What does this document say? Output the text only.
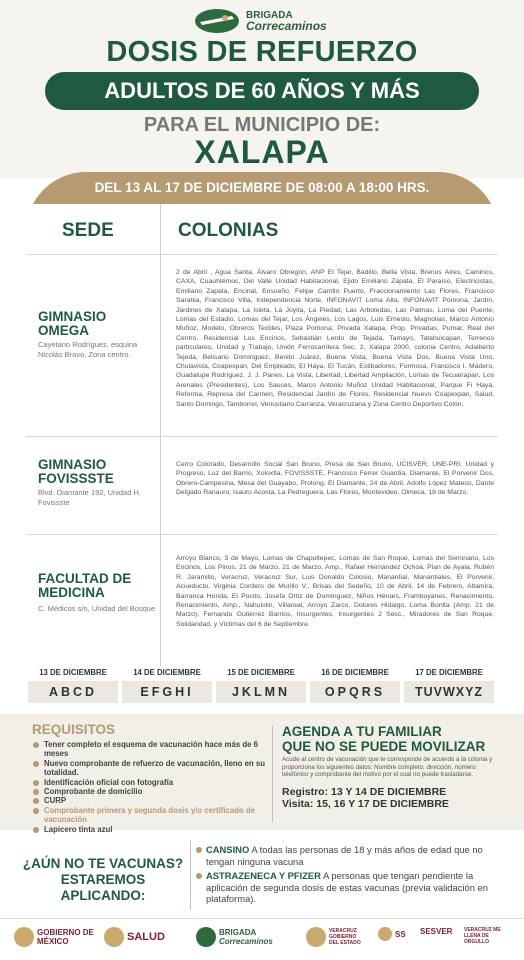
BRIGADA
Correcaminos
DOSIS DE REFUERZO
ADULTOS DE 60 AÑOS Y MÁS
PARA EL MUNICIPIO DE:
XALAPA
DEL 13 AL 17 DE DICIEMBRE DE 08:00 A 18:00 HRS.
SEDE	COLONIAS
GIMNASIO OMEGA
Cayetano Rodríguez, esquina Nicolás Bravo, Zona centro.
2 de Abril , Agua Santa, Álvaro Obregón, ANP El Tejar, Badillo, Bella Vista, Brenos Aires, Caminos, CAXA, Cuauhtémoc, Del Valle Unidad Habitacional, Ejido Emiliano Zapata, El Paraíso, Electricistas, Emiliano Zapata, Encinal, Ensueño, Felipe Carrillo Puerto, Fraccionamiento Las Flores, Francisco Sarabia, Francisco Villa, Independencia Norte, INFONAVIT Loma Alta, INFONAVIT Pomona, Jardín, Jardines de Xalapa, La Isleta, La Joyita, La Piedad, Las Arboledas, Las Palmas, Loma del Puente, Lomas del Estadio, Lomas del Tejar, Los Ángeles, Los Lagos, Luis Ernesto, Magnolias, Marco Antonio Muñoz, Modelo, Obreros Textiles, Plaza Pomona, Privada Xalapa, Prop. Privadas, Pumar, Real del Centro, Residencial Los Encinos, Sebastián Lerdo de Tejada, Tamayo, Tatahuicapan, Terrenos particulares, Unidad y Trabajo, Unión Ferrocarrilera Sec. 2, Xalapa 2000, colonia Centro, Adalberto Tejeda, Belisario Domínguez, Benito Juárez, Buena Vista, Buena Vista Dos, Buena Vista Uno, Chulavista, Coapexpan, Del Empleado, El Haya, El Tucán, Estibadores, Formosa, Francisco I. Madero, Guadalupe Rodríguez, J. J. Panes, La Vista, Libertad, Libertad Ampliación, Lomas de Tecuanapan, Los Arenales (Presidentes), Los Sauces, Marco Antonio Muñoz Unidad Habitacional, Parque Fi Haya, Reforma, Represa del Carmen, Residencial Jardín de Flores, Residencial Nuevo Coapexpan, Salud, Santo Domingo, Tamborrel, Venustiano Carranza, Veracruzana y Zona Centro Deportivo Colón.
GIMNASIO FOVISSSTE
Blvd. Diamante 192, Unidad H. Fovissste
Cerro Colorado, Desarrollo Social San Bruno, Presa de San Bruno, UCISVER, UNE-PRI, Unidad y Progreso, Luz del Barrio, Xoloxtla, FOVISSSTE, Francisco Ferrer Guardia, Diamante, El Porvenir Dos, Obrero-Campesina, Mesa del Guayabo, Prolong. El Diamante, 24 de Abril, Adolfo López Mateos, Dante Delgado Ranauro, Isauro Acosta, La Pedreguera, Las Flores, Montevideo, Olmeca, 18 de Marzo.
FACULTAD DE MEDICINA
C. Médicos s/n, Unidad del Bosque
Arroyo Blanco, 3 de Mayo, Lomas de Chapultepec, Lomas de San Roque, Lomas del Seminario, Los Encinos, Los Pinos, 21 de Marzo, 21 de Marzo, Amp., Rafael Hernández Ochoa, Plan de Ayala, Rubén R. Jaramillo, Veracruz, Veracruz Sur, Luis Donaldo Colosio, Manantial, Manantiales, El Porvenir, Acueducto, Virginia Cordero de Murillo V., Brisas del Sedeño, 10 de Abril, 14 de Febrero, Altamira, Barranca Honda, El Pocito, Josefa Ortiz de Domínguez, Niños Héroes, Framboyanes, Renacimiento, Renacimiento, Amp., Nahuiolin, Villareal, Arroyo Zarco, Dolores Hidalgo, Loma Bonita (Amp. 21 de Marzo), Fernando Gutiérrez Barrios, Insurgentes, Insurgentes 2 Secc., Miradores de San Roque, Solidaridad, y Víctimas del 6 de Septiembre.
13 DE DICIEMBRE
ABCD
14 DE DICIEMBRE
EFGHI
15 DE DICIEMBRE
JKLMN
16 DE DICIEMBRE
OPQRS
17 DE DICIEMBRE
TUVWXYZ
REQUISITOS
Tener completo el esquema de vacunación hace más de 6 meses
Nuevo comprobante de refuerzo de vacunación, lleno en su totalidad.
Identificación oficial con fotografía
Comprobante de domicilio
CURP
Comprobante primera y segunda dosis y/o certificado de vacunación
Lapicero tinta azul
AGENDA A TU FAMILIAR
QUE NO SE PUEDE MOVILIZAR
Acude al centro de vacunación que te corresponde de acuerdo a la colonia y proporciona los siguientes datos: Nombre completo, dirección, número telefónico y comprobante del motivo por el cual no puede trasladarse.
Registro: 13 Y 14 DE DICIEMBRE
Visita: 15, 16 Y 17 DE DICIEMBRE
¿AÚN NO TE VACUNAS?
ESTAREMOS APLICANDO:
CANSINO A todas las personas de 18 y más años de edad que no tengan ninguna vacuna
ASTRAZENECA Y PFIZER A personas que tengan pendiente la aplicación de segunda dosis de estas vacunas (previa validación en plataforma).
GOBIERNO DE MÉXICO	SALUD	BRIGADA
Correcaminos
VERACRUZ GOBIERNO DEL ESTADO
SS SESVER VERACRUZ ME LLENA DE ORGULLO
